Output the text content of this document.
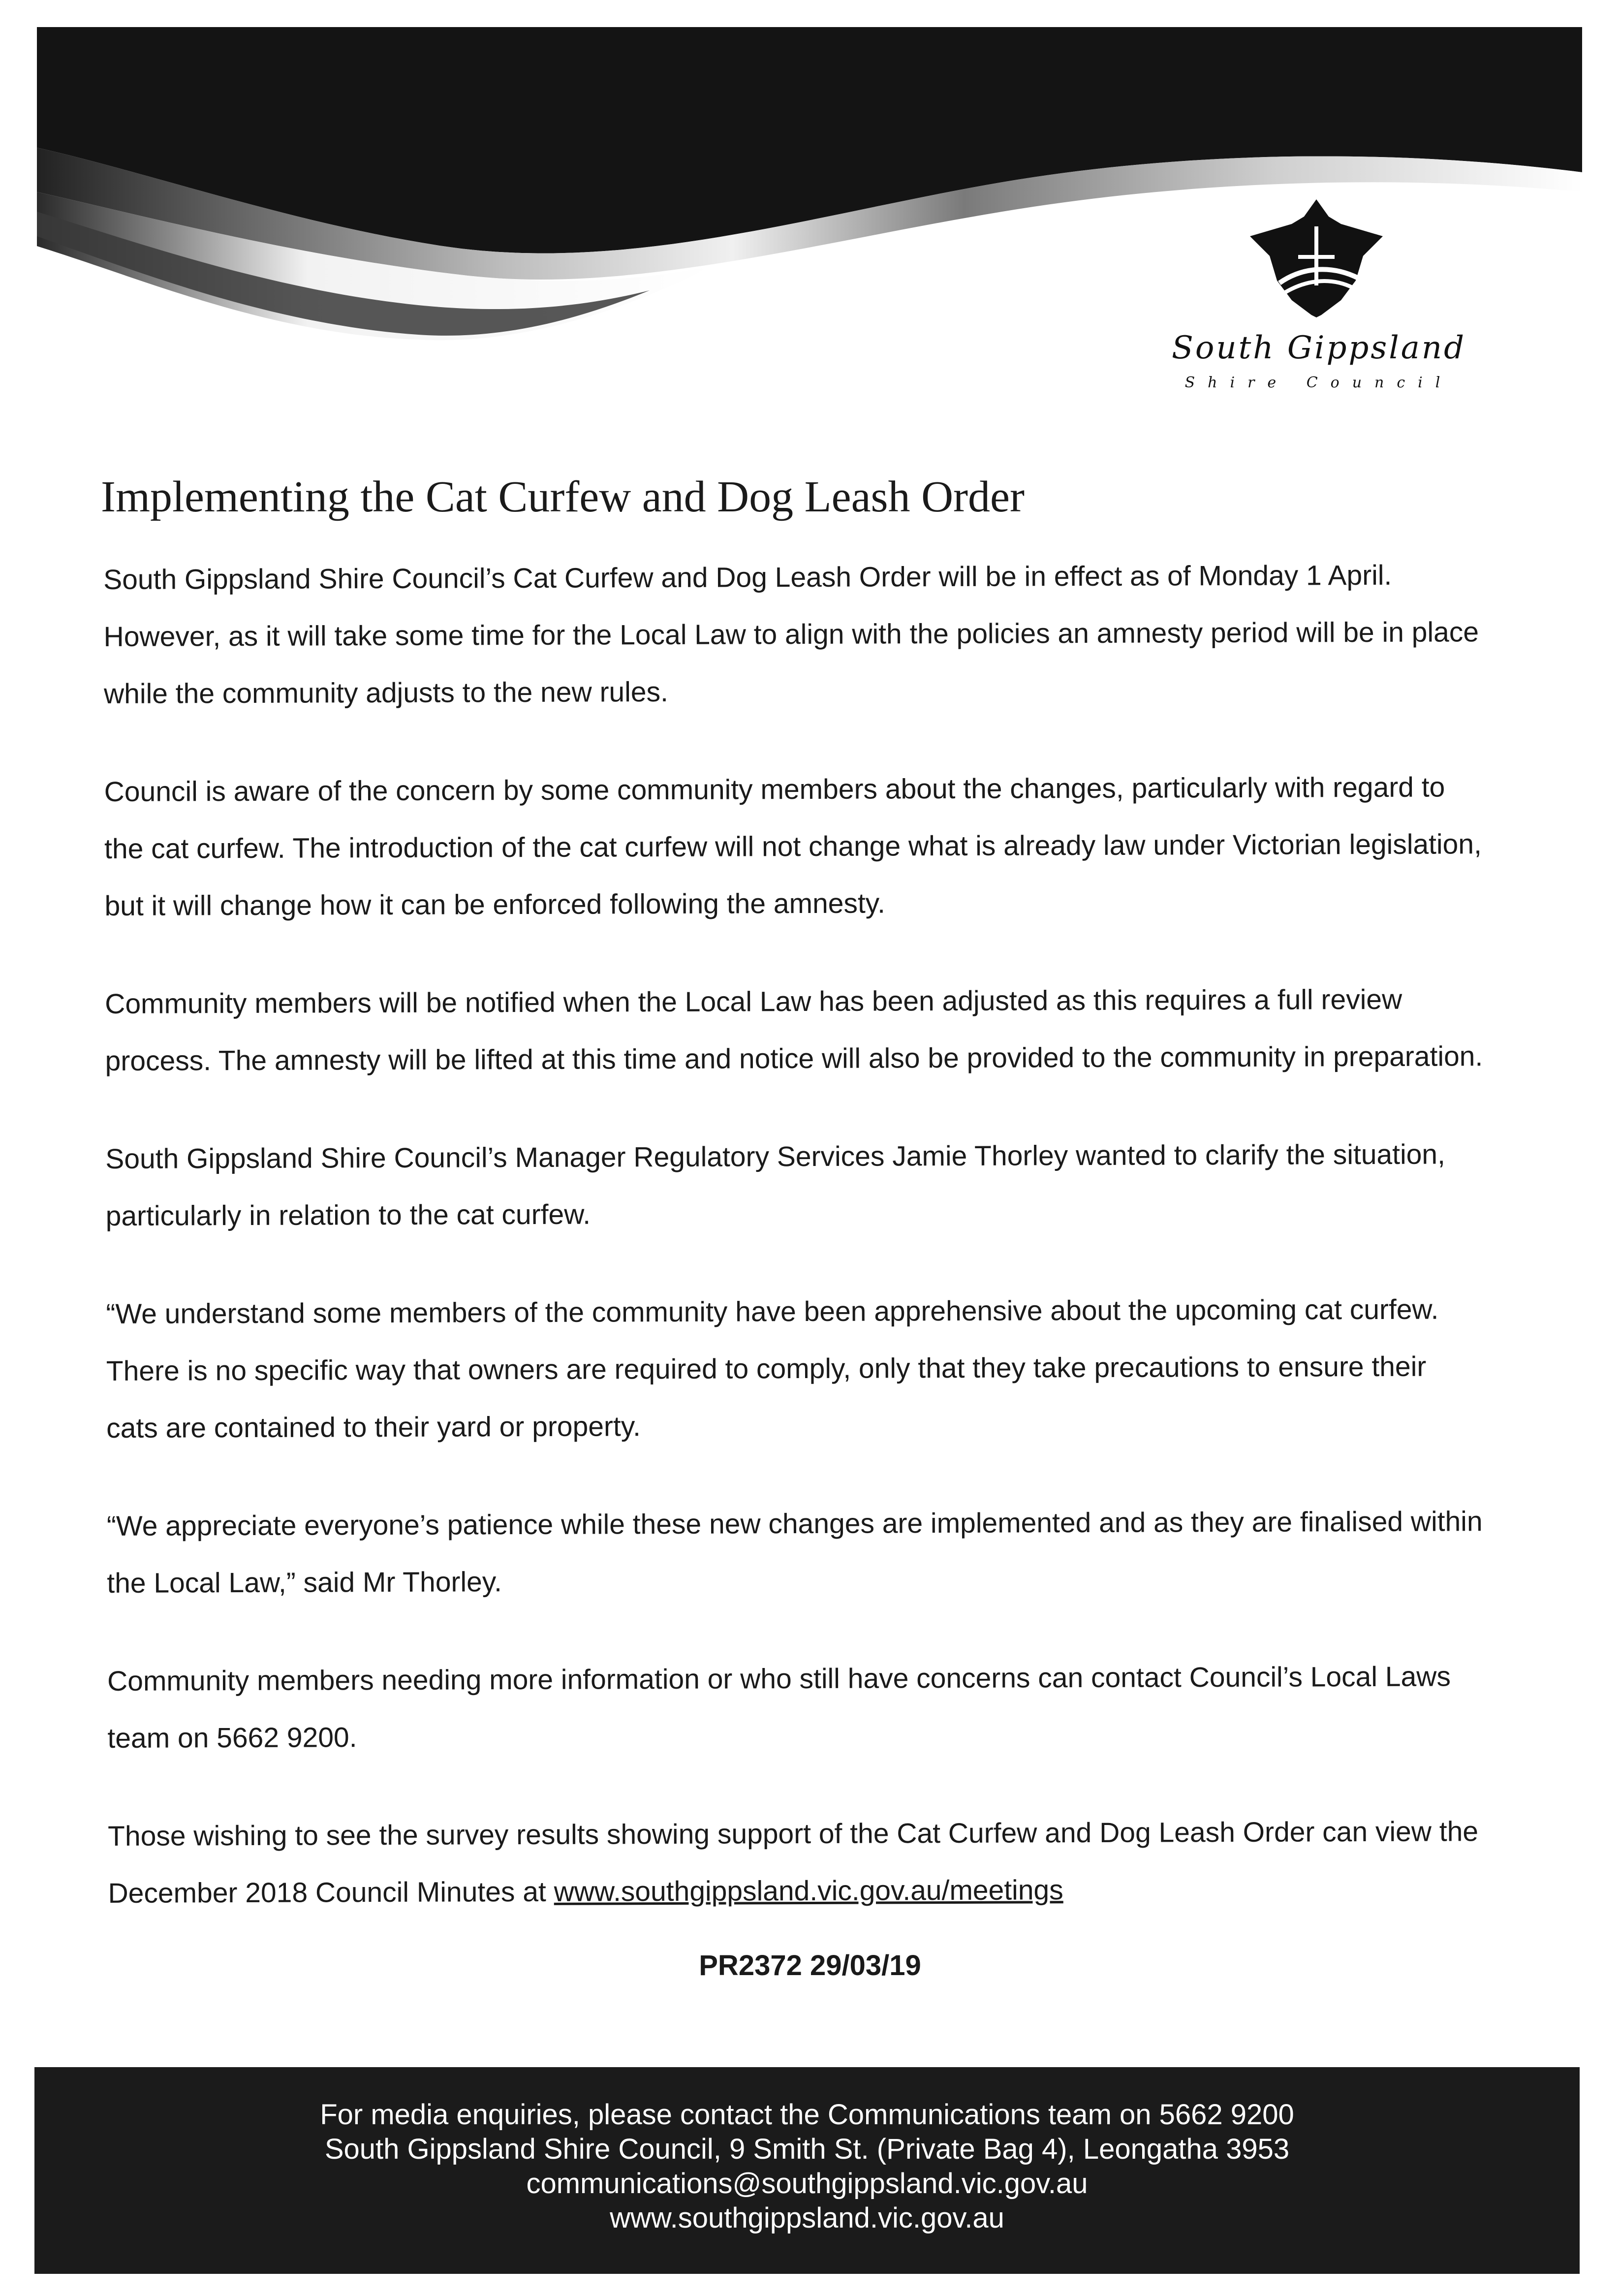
South Gippsland
Shire Council
Implementing the Cat Curfew and Dog Leash Order

South Gippsland Shire Council’s Cat Curfew and Dog Leash Order will be in effect as of Monday 1 April. However, as it will take some time for the Local Law to align with the policies an amnesty period will be in place while the community adjusts to the new rules.

Council is aware of the concern by some community members about the changes, particularly with regard to the cat curfew. The introduction of the cat curfew will not change what is already law under Victorian legislation, but it will change how it can be enforced following the amnesty.

Community members will be notified when the Local Law has been adjusted as this requires a full review process. The amnesty will be lifted at this time and notice will also be provided to the community in preparation.

South Gippsland Shire Council’s Manager Regulatory Services Jamie Thorley wanted to clarify the situation, particularly in relation to the cat curfew.

“We understand some members of the community have been apprehensive about the upcoming cat curfew. There is no specific way that owners are required to comply, only that they take precautions to ensure their cats are contained to their yard or property.

“We appreciate everyone’s patience while these new changes are implemented and as they are finalised within the Local Law,” said Mr Thorley.

Community members needing more information or who still have concerns can contact Council’s Local Laws team on 5662 9200.

Those wishing to see the survey results showing support of the Cat Curfew and Dog Leash Order can view the December 2018 Council Minutes at www.southgippsland.vic.gov.au/meetings

PR2372 29/03/19
For media enquiries, please contact the Communications team on 5662 9200
South Gippsland Shire Council, 9 Smith St. (Private Bag 4), Leongatha 3953
communications@southgippsland.vic.gov.au
www.southgippsland.vic.gov.au
